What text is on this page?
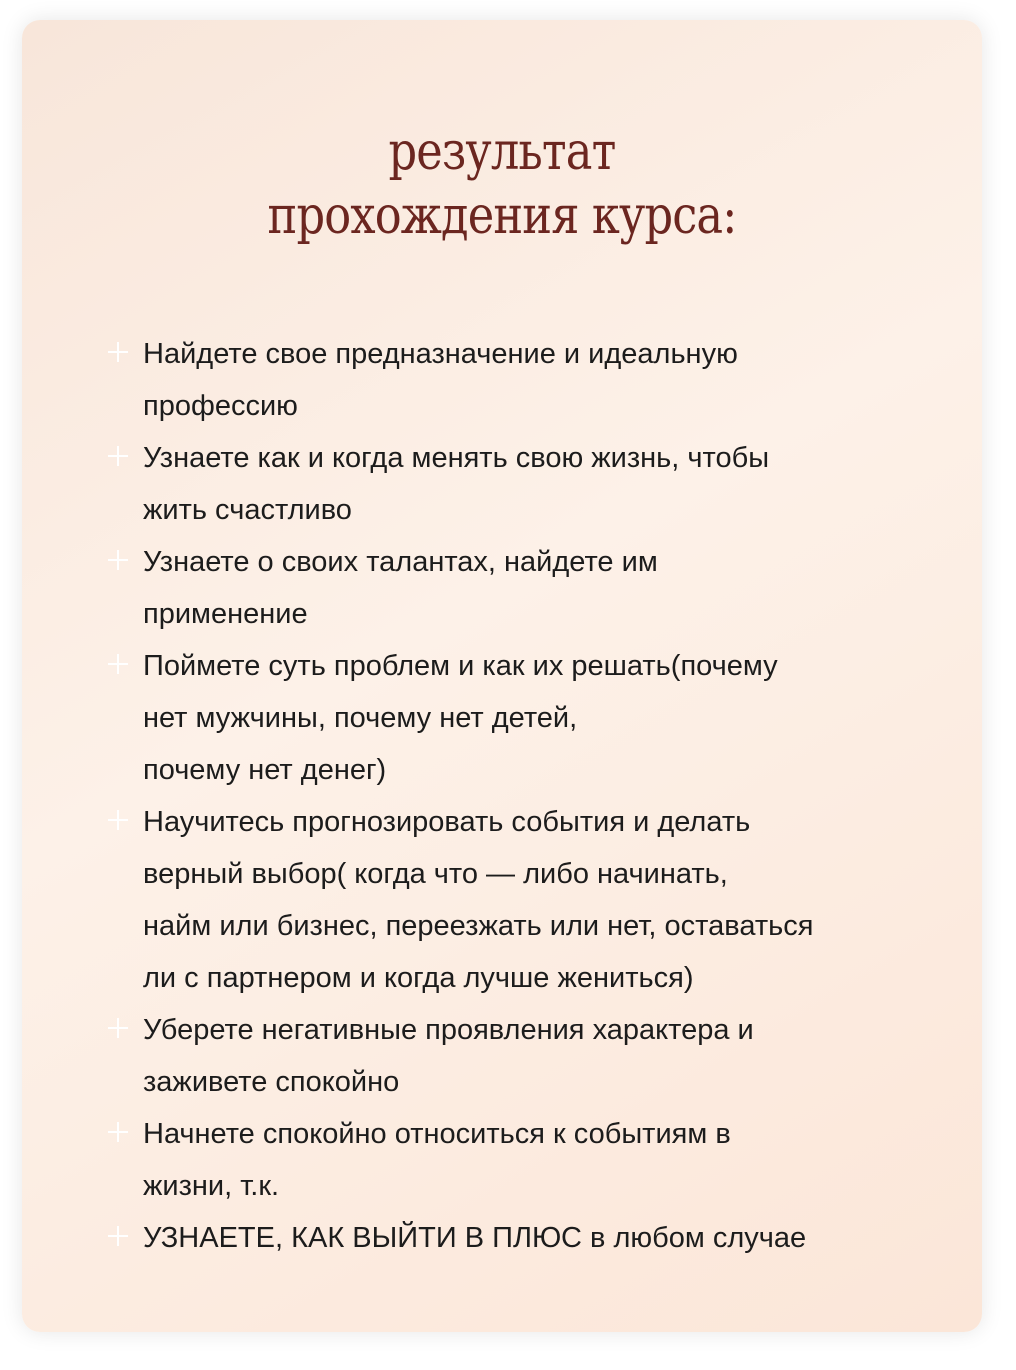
результат
прохождения курса:
Найдете свое предназначение и идеальную
профессию
Узнаете как и когда менять свою жизнь, чтобы
жить счастливо
Узнаете о своих талантах, найдете им
применение
Поймете суть проблем и как их решать(почему
нет мужчины, почему нет детей,
почему нет денег)
Научитесь прогнозировать события и делать
верный выбор( когда что — либо начинать,
найм или бизнес, переезжать или нет, оставаться
ли с партнером и когда лучше жениться)
Уберете негативные проявления характера и
заживете спокойно
Начнете спокойно относиться к событиям в
жизни, т.к.
УЗНАЕТЕ, КАК ВЫЙТИ В ПЛЮС в любом случае
